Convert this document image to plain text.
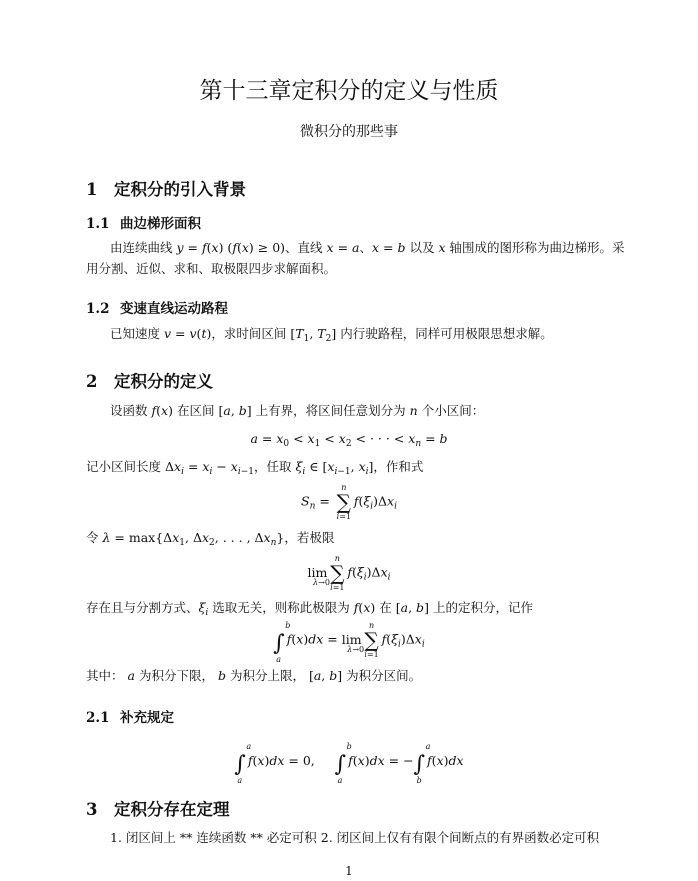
第十三章定积分的定义与性质
微积分的那些事
1 定积分的引入背景
1.1 曲边梯形面积
由连续曲线 y = f(x) (f(x) ≥ 0)、直线 x = a、x = b 以及 x 轴围成的图形称为曲边梯形。采
用分割、近似、求和、取极限四步求解面积。
1.2 变速直线运动路程
已知速度 v = v(t)，求时间区间 [$T_1$, $T_2$] 内行驶路程，同样可用极限思想求解。
2 定积分的定义
设函数 f(x) 在区间 [a, b] 上有界，将区间任意划分为 n 个小区间：
$a = x_0 < x_1 < x_2$ < · · · < $x_n = b$
记小区间长度 $\Delta x_i = x_i - x_{i-1}$，任取 $\xi_i$ ∈ [$x_{i-1}$, $x_i$]，作和式
$S_n$ =
n
∑
i=1
$f(\xi_i)\Delta x_i$
令 $\lambda = \max\{\Delta x_1$, $\Delta x_2$, . . . , $\Delta x_n$}，若极限
lim
λ→0
n
∑
i=1
$f(\xi_i)\Delta x_i$
存在且与分割方式、$\xi_i$ 选取无关，则称此极限为 f(x) 在 [a, b] 上的定积分，记作
∫
b
a
f(x)dx = lim
λ→0
n
∑
i=1
$f(\xi_i)\Delta x_i$
其中： a 为积分下限， b 为积分上限， [a, b] 为积分区间。
2.1 补充规定
∫
a
a
f(x)dx = 0,     ∫
b
a
f(x)dx = −∫
a
b
f(x)dx
3 定积分存在定理
1. 闭区间上 ** 连续函数 ** 必定可积 2. 闭区间上仅有有限个间断点的有界函数必定可积
1
